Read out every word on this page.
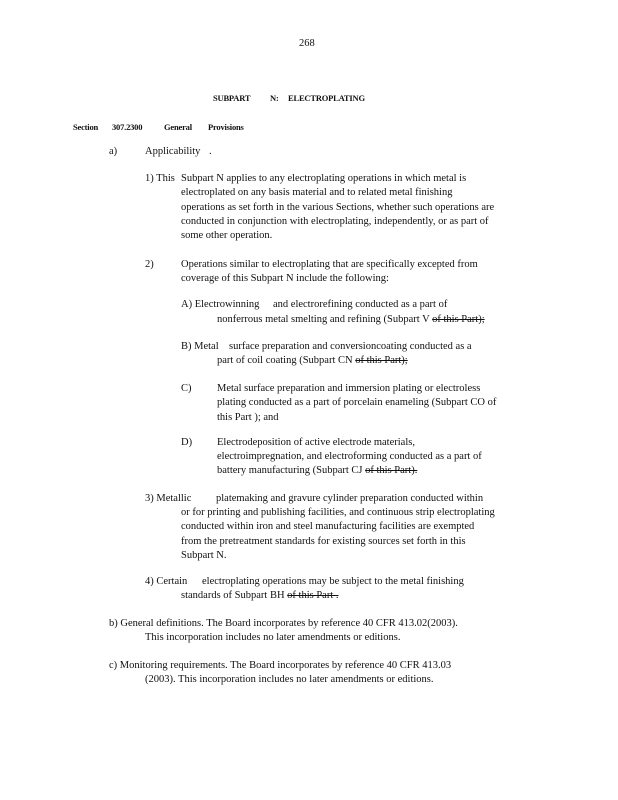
268
SUBPART N: ELECTROPLATING
Section 307.2300	General Provisions
a)	Applicability .
1) This Subpart N applies to any electroplating operations in which metal is
electroplated on any basis material and to related metal finishing
operations as set forth in the various Sections, whether such operations are
conducted in conjunction with electroplating, independently, or as part of
some other operation.
2)	Operations similar to electroplating that are specifically excepted from
coverage of this Subpart N include the following:
A) Electrowinning and electrorefining conducted as a part of
nonferrous metal smelting and refining (Subpart V of this Part);
B) Metal surface preparation and conversioncoating conducted as a
part of coil coating (Subpart CN of this Part);
C) Metal surface preparation and immersion plating or electroless
plating conducted as a part of porcelain enameling (Subpart CO of
this Part ); and
D) Electrodeposition of active electrode materials,
electroimpregnation, and electroforming conducted as a part of
battery manufacturing (Subpart CJ of this Part).
3) Metallic platemaking and gravure cylinder preparation conducted within
or for printing and publishing facilities, and continuous strip electroplating
conducted within iron and steel manufacturing facilities are exempted
from the pretreatment standards for existing sources set forth in this
Subpart N.
4) Certain electroplating operations may be subject to the metal finishing
standards of Subpart BH of this Part .
b) General definitions. The Board incorporates by reference 40 CFR 413.02(2003).
This incorporation includes no later amendments or editions.
c) Monitoring requirements. The Board incorporates by reference 40 CFR 413.03
(2003). This incorporation includes no later amendments or editions.
